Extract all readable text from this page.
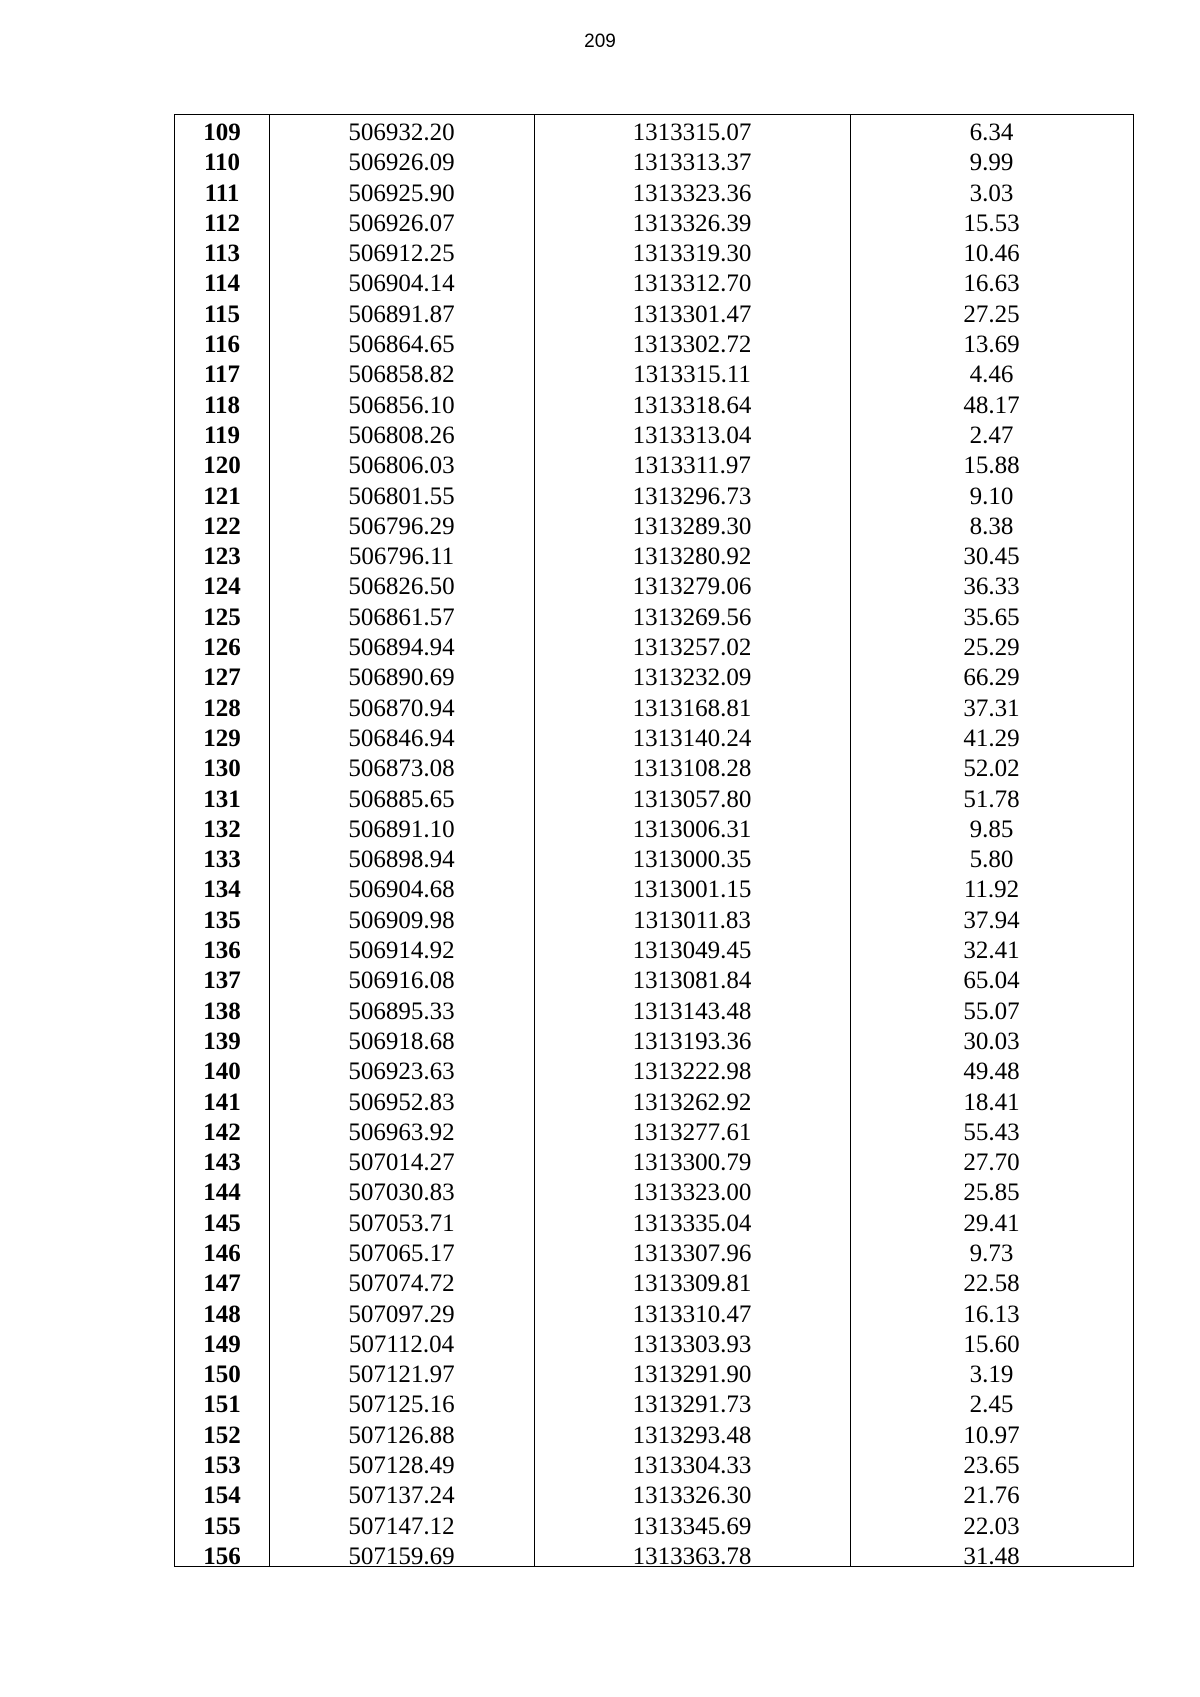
209
109	506932.20	1313315.07	6.34
110	506926.09	1313313.37	9.99
111	506925.90	1313323.36	3.03
112	506926.07	1313326.39	15.53
113	506912.25	1313319.30	10.46
114	506904.14	1313312.70	16.63
115	506891.87	1313301.47	27.25
116	506864.65	1313302.72	13.69
117	506858.82	1313315.11	4.46
118	506856.10	1313318.64	48.17
119	506808.26	1313313.04	2.47
120	506806.03	1313311.97	15.88
121	506801.55	1313296.73	9.10
122	506796.29	1313289.30	8.38
123	506796.11	1313280.92	30.45
124	506826.50	1313279.06	36.33
125	506861.57	1313269.56	35.65
126	506894.94	1313257.02	25.29
127	506890.69	1313232.09	66.29
128	506870.94	1313168.81	37.31
129	506846.94	1313140.24	41.29
130	506873.08	1313108.28	52.02
131	506885.65	1313057.80	51.78
132	506891.10	1313006.31	9.85
133	506898.94	1313000.35	5.80
134	506904.68	1313001.15	11.92
135	506909.98	1313011.83	37.94
136	506914.92	1313049.45	32.41
137	506916.08	1313081.84	65.04
138	506895.33	1313143.48	55.07
139	506918.68	1313193.36	30.03
140	506923.63	1313222.98	49.48
141	506952.83	1313262.92	18.41
142	506963.92	1313277.61	55.43
143	507014.27	1313300.79	27.70
144	507030.83	1313323.00	25.85
145	507053.71	1313335.04	29.41
146	507065.17	1313307.96	9.73
147	507074.72	1313309.81	22.58
148	507097.29	1313310.47	16.13
149	507112.04	1313303.93	15.60
150	507121.97	1313291.90	3.19
151	507125.16	1313291.73	2.45
152	507126.88	1313293.48	10.97
153	507128.49	1313304.33	23.65
154	507137.24	1313326.30	21.76
155	507147.12	1313345.69	22.03
156	507159.69	1313363.78	31.48
